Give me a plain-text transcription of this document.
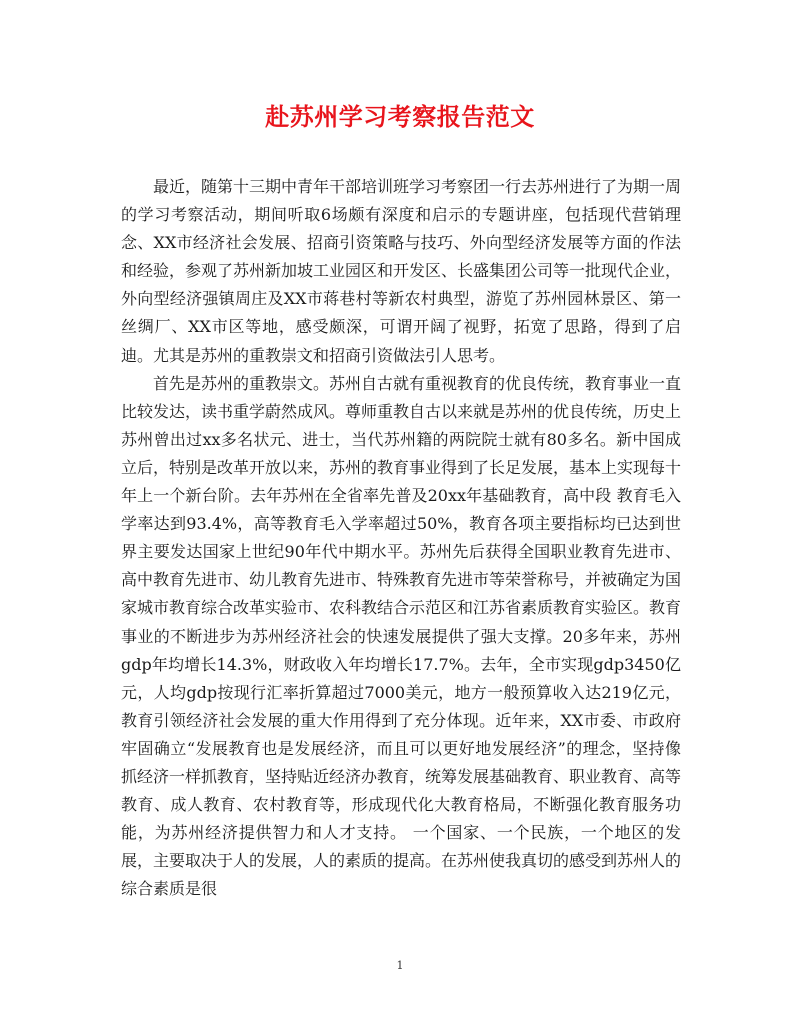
赴苏州学习考察报告范文

最近，随第十三期中青年干部培训班学习考察团一行去苏州进行了为期一周的学习考察活动，期间听取6场颇有深度和启示的专题讲座，包括现代营销理念、XX市经济社会发展、招商引资策略与技巧、外向型经济发展等方面的作法和经验，参观了苏州新加坡工业园区和开发区、长盛集团公司等一批现代企业，外向型经济强镇周庄及XX市蒋巷村等新农村典型，游览了苏州园林景区、第一丝绸厂、XX市区等地，感受颇深，可谓开阔了视野，拓宽了思路，得到了启迪。尤其是苏州的重教崇文和招商引资做法引人思考。

首先是苏州的重教崇文。苏州自古就有重视教育的优良传统，教育事业一直比较发达，读书重学蔚然成风。尊师重教自古以来就是苏州的优良传统，历史上苏州曾出过xx多名状元、进士，当代苏州籍的两院院士就有80多名。新中国成立后，特别是改革开放以来，苏州的教育事业得到了长足发展，基本上实现每十年上一个新台阶。去年苏州在全省率先普及20xx年基础教育，高中段 教育毛入学率达到93.4%，高等教育毛入学率超过50%，教育各项主要指标均已达到世界主要发达国家上世纪90年代中期水平。苏州先后获得全国职业教育先进市、高中教育先进市、幼儿教育先进市、特殊教育先进市等荣誉称号，并被确定为国家城市教育综合改革实验市、农科教结合示范区和江苏省素质教育实验区。教育事业的不断进步为苏州经济社会的快速发展提供了强大支撑。20多年来，苏州gdp年均增长14.3%，财政收入年均增长17.7%。去年，全市实现gdp3450亿元，人均gdp按现行汇率折算超过7000美元，地方一般预算收入达219亿元，教育引领经济社会发展的重大作用得到了充分体现。近年来，XX市委、市政府牢固确立“发展教育也是发展经济，而且可以更好地发展经济”的理念，坚持像抓经济一样抓教育，坚持贴近经济办教育，统筹发展基础教育、职业教育、高等教育、成人教育、农村教育等，形成现代化大教育格局，不断强化教育服务功能，为苏州经济提供智力和人才支持。 一个国家、一个民族，一个地区的发展，主要取决于人的发展，人的素质的提高。在苏州使我真切的感受到苏州人的综合素质是很

1
